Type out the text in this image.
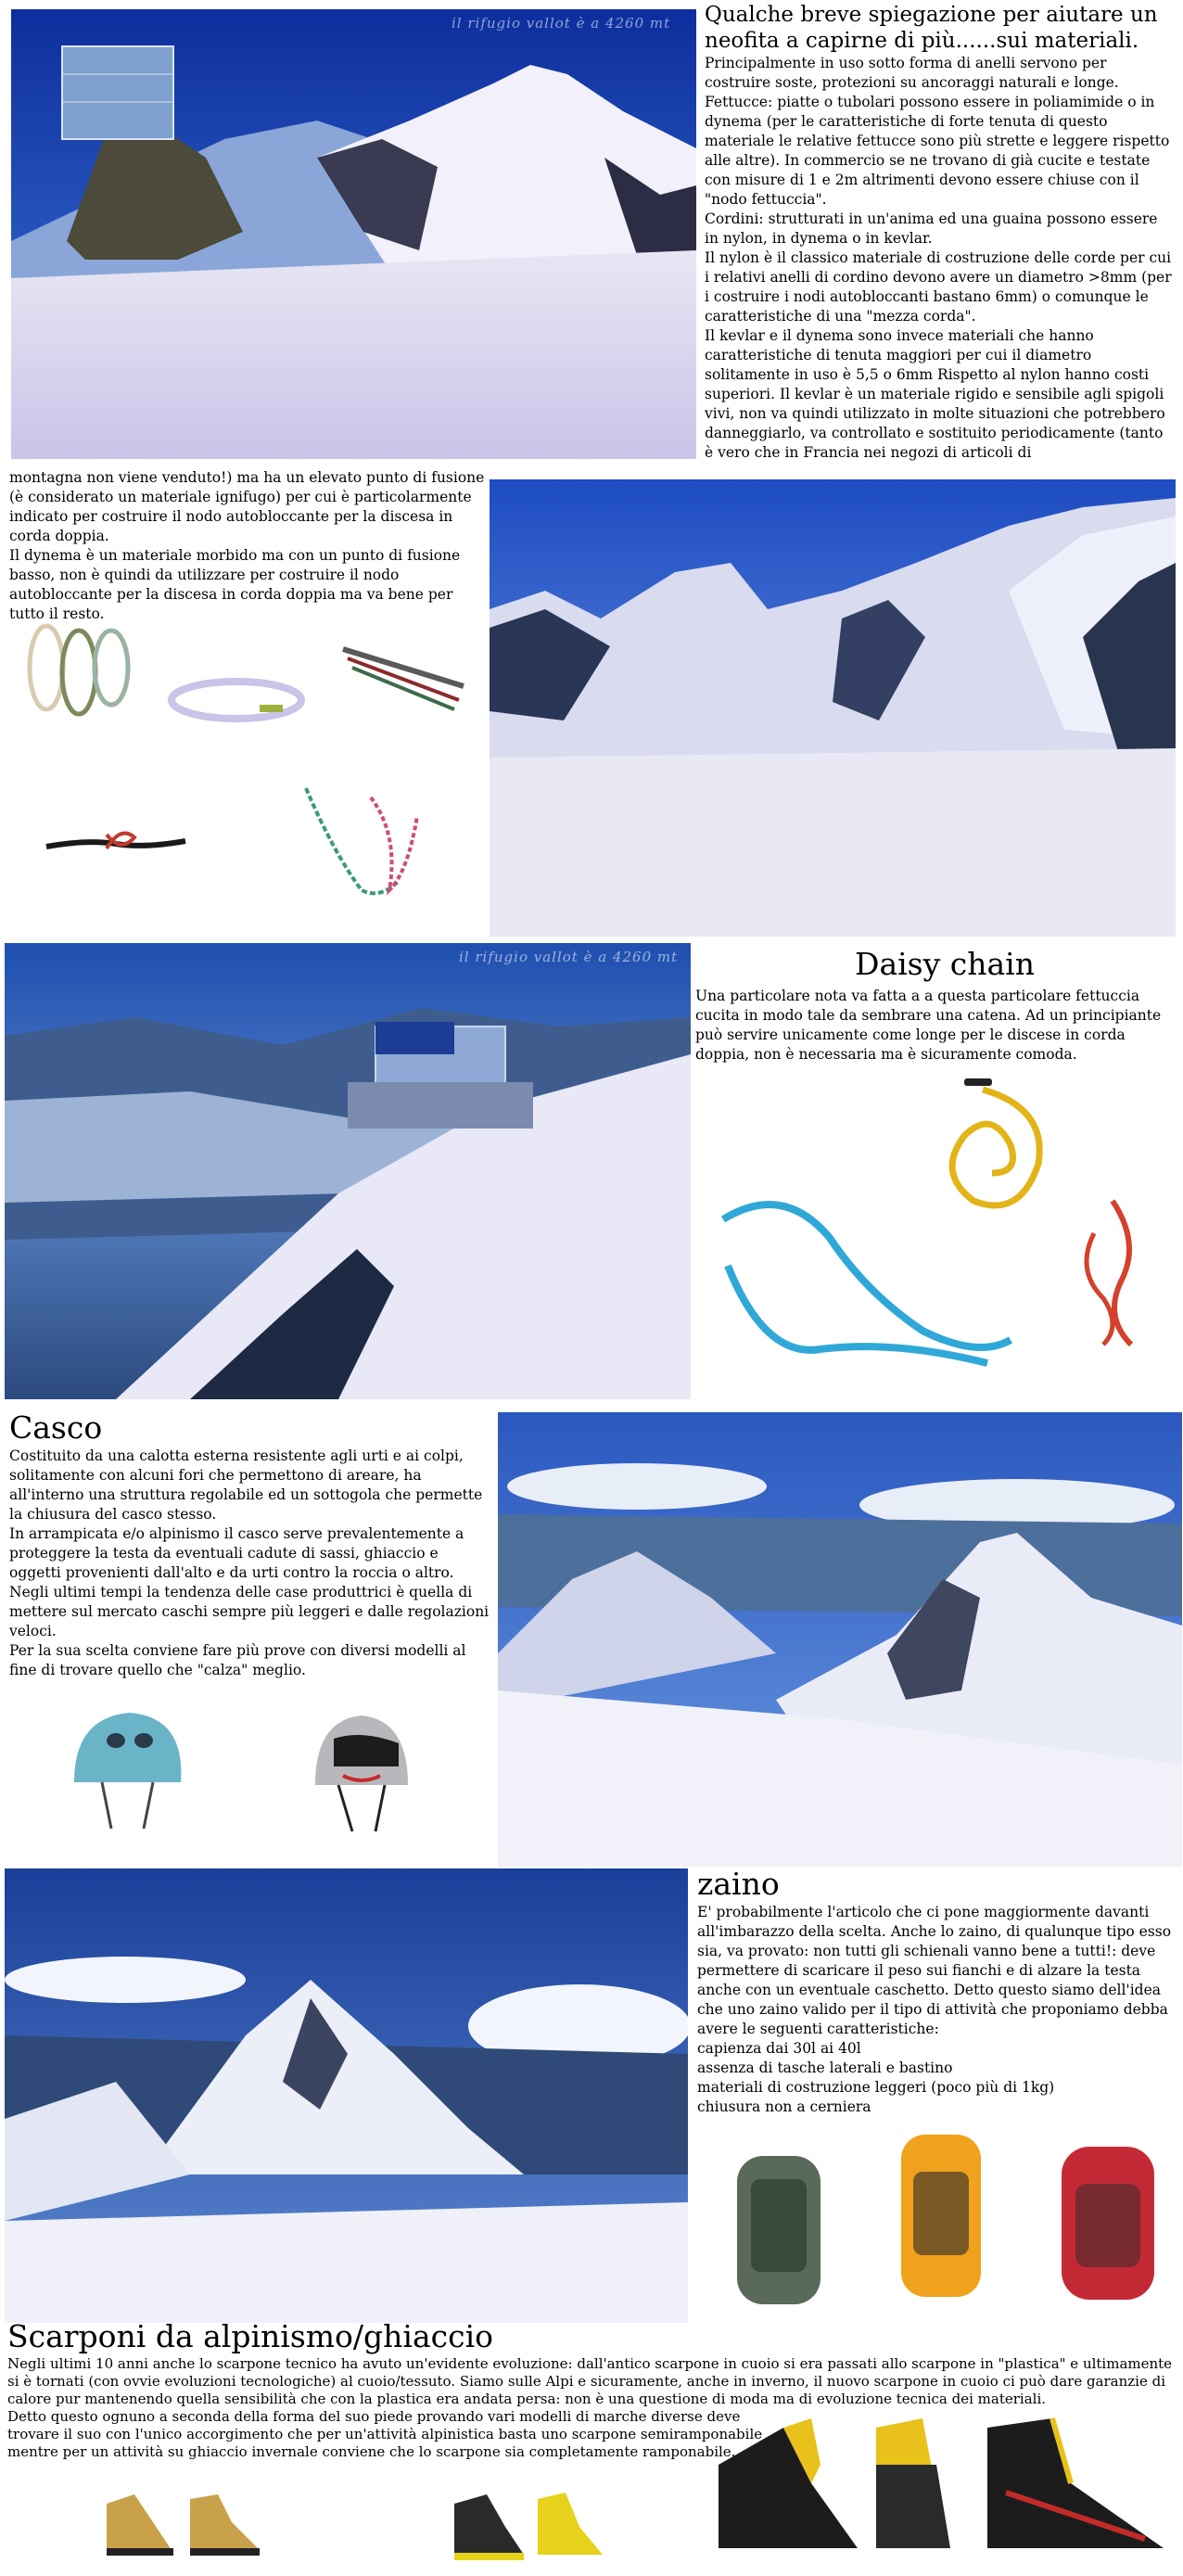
il rifugio vallot è a 4260 mt Qualche breve spiegazione per aiutare un neofita a capirne di più......sui materiali.

Principalmente in uso sotto forma di anelli servono per costruire soste, protezioni su ancoraggi naturali e longe.

Fettucce: piatte o tubolari possono essere in poliamimide o in dynema (per le caratteristiche di forte tenuta di questo materiale le relative fettucce sono più strette e leggere rispetto alle altre). In commercio se ne trovano di già cucite e testate con misure di 1 e 2m altrimenti devono essere chiuse con il "nodo fettuccia".

Cordini: strutturati in un'anima ed una guaina possono essere in nylon, in dynema o in kevlar.

Il nylon è il classico materiale di costruzione delle corde per cui i relativi anelli di cordino devono avere un diametro >8mm (per i costruire i nodi autobloccanti bastano 6mm) o comunque le caratteristiche di una "mezza corda".

Il kevlar e il dynema sono invece materiali che hanno caratteristiche di tenuta maggiori per cui il diametro solitamente in uso è 5,5 o 6mm Rispetto al nylon hanno costi superiori. Il kevlar è un materiale rigido e sensibile agli spigoli vivi, non va quindi utilizzato in molte situazioni che potrebbero danneggiarlo, va controllato e sostituito periodicamente (tanto è vero che in Francia nei negozi di articoli di

montagna non viene venduto!) ma ha un elevato punto di fusione (è considerato un materiale ignifugo) per cui è particolarmente indicato per costruire il nodo autobloccante per la discesa in corda doppia.

Il dynema è un materiale morbido ma con un punto di fusione basso, non è quindi da utilizzare per costruire il nodo autobloccante per la discesa in corda doppia ma va bene per tutto il resto.

il rifugio vallot è a 4260 mt	Daisy chain

Una particolare nota va fatta a a questa particolare fettuccia cucita in modo tale da sembrare una catena. Ad un principiante può servire unicamente come longe per le discese in corda doppia, non è necessaria ma è sicuramente comoda.

Casco

Costituito da una calotta esterna resistente agli urti e ai colpi, solitamente con alcuni fori che permettono di areare, ha all'interno una struttura regolabile ed un sottogola che permette la chiusura del casco stesso.

In arrampicata e/o alpinismo il casco serve prevalentemente a proteggere la testa da eventuali cadute di sassi, ghiaccio e oggetti provenienti dall'alto e da urti contro la roccia o altro. Negli ultimi tempi la tendenza delle case produttrici è quella di mettere sul mercato caschi sempre più leggeri e dalle regolazioni veloci.

Per la sua scelta conviene fare più prove con diversi modelli al fine di trovare quello che "calza" meglio.

zaino

E' probabilmente l'articolo che ci pone maggiormente davanti all'imbarazzo della scelta. Anche lo zaino, di qualunque tipo esso sia, va provato: non tutti gli schienali vanno bene a tutti!: deve permettere di scaricare il peso sui fianchi e di alzare la testa anche con un eventuale caschetto. Detto questo siamo dell'idea che uno zaino valido per il tipo di attività che proponiamo debba avere le seguenti caratteristiche:

capienza dai 30l ai 40l

assenza di tasche laterali e bastino

materiali di costruzione leggeri (poco più di 1kg)

chiusura non a cerniera

Scarponi da alpinismo/ghiaccio

Negli ultimi 10 anni anche lo scarpone tecnico ha avuto un'evidente evoluzione: dall'antico scarpone in cuoio si era passati allo scarpone in "plastica" e ultimamente si è tornati (con ovvie evoluzioni tecnologiche) al cuoio/tessuto. Siamo sulle Alpi e sicuramente, anche in inverno, il nuovo scarpone in cuoio ci può dare garanzie di calore pur mantenendo quella sensibilità che con la plastica era andata persa: non è una questione di moda ma di evoluzione tecnica dei materiali.

Detto questo ognuno a seconda della forma del suo piede provando vari modelli di marche diverse deve

trovare il suo con l'unico accorgimento che per un'attività alpinistica basta uno scarpone semiramponabile

mentre per un attività su ghiaccio invernale conviene che lo scarpone sia completamente ramponabile.
